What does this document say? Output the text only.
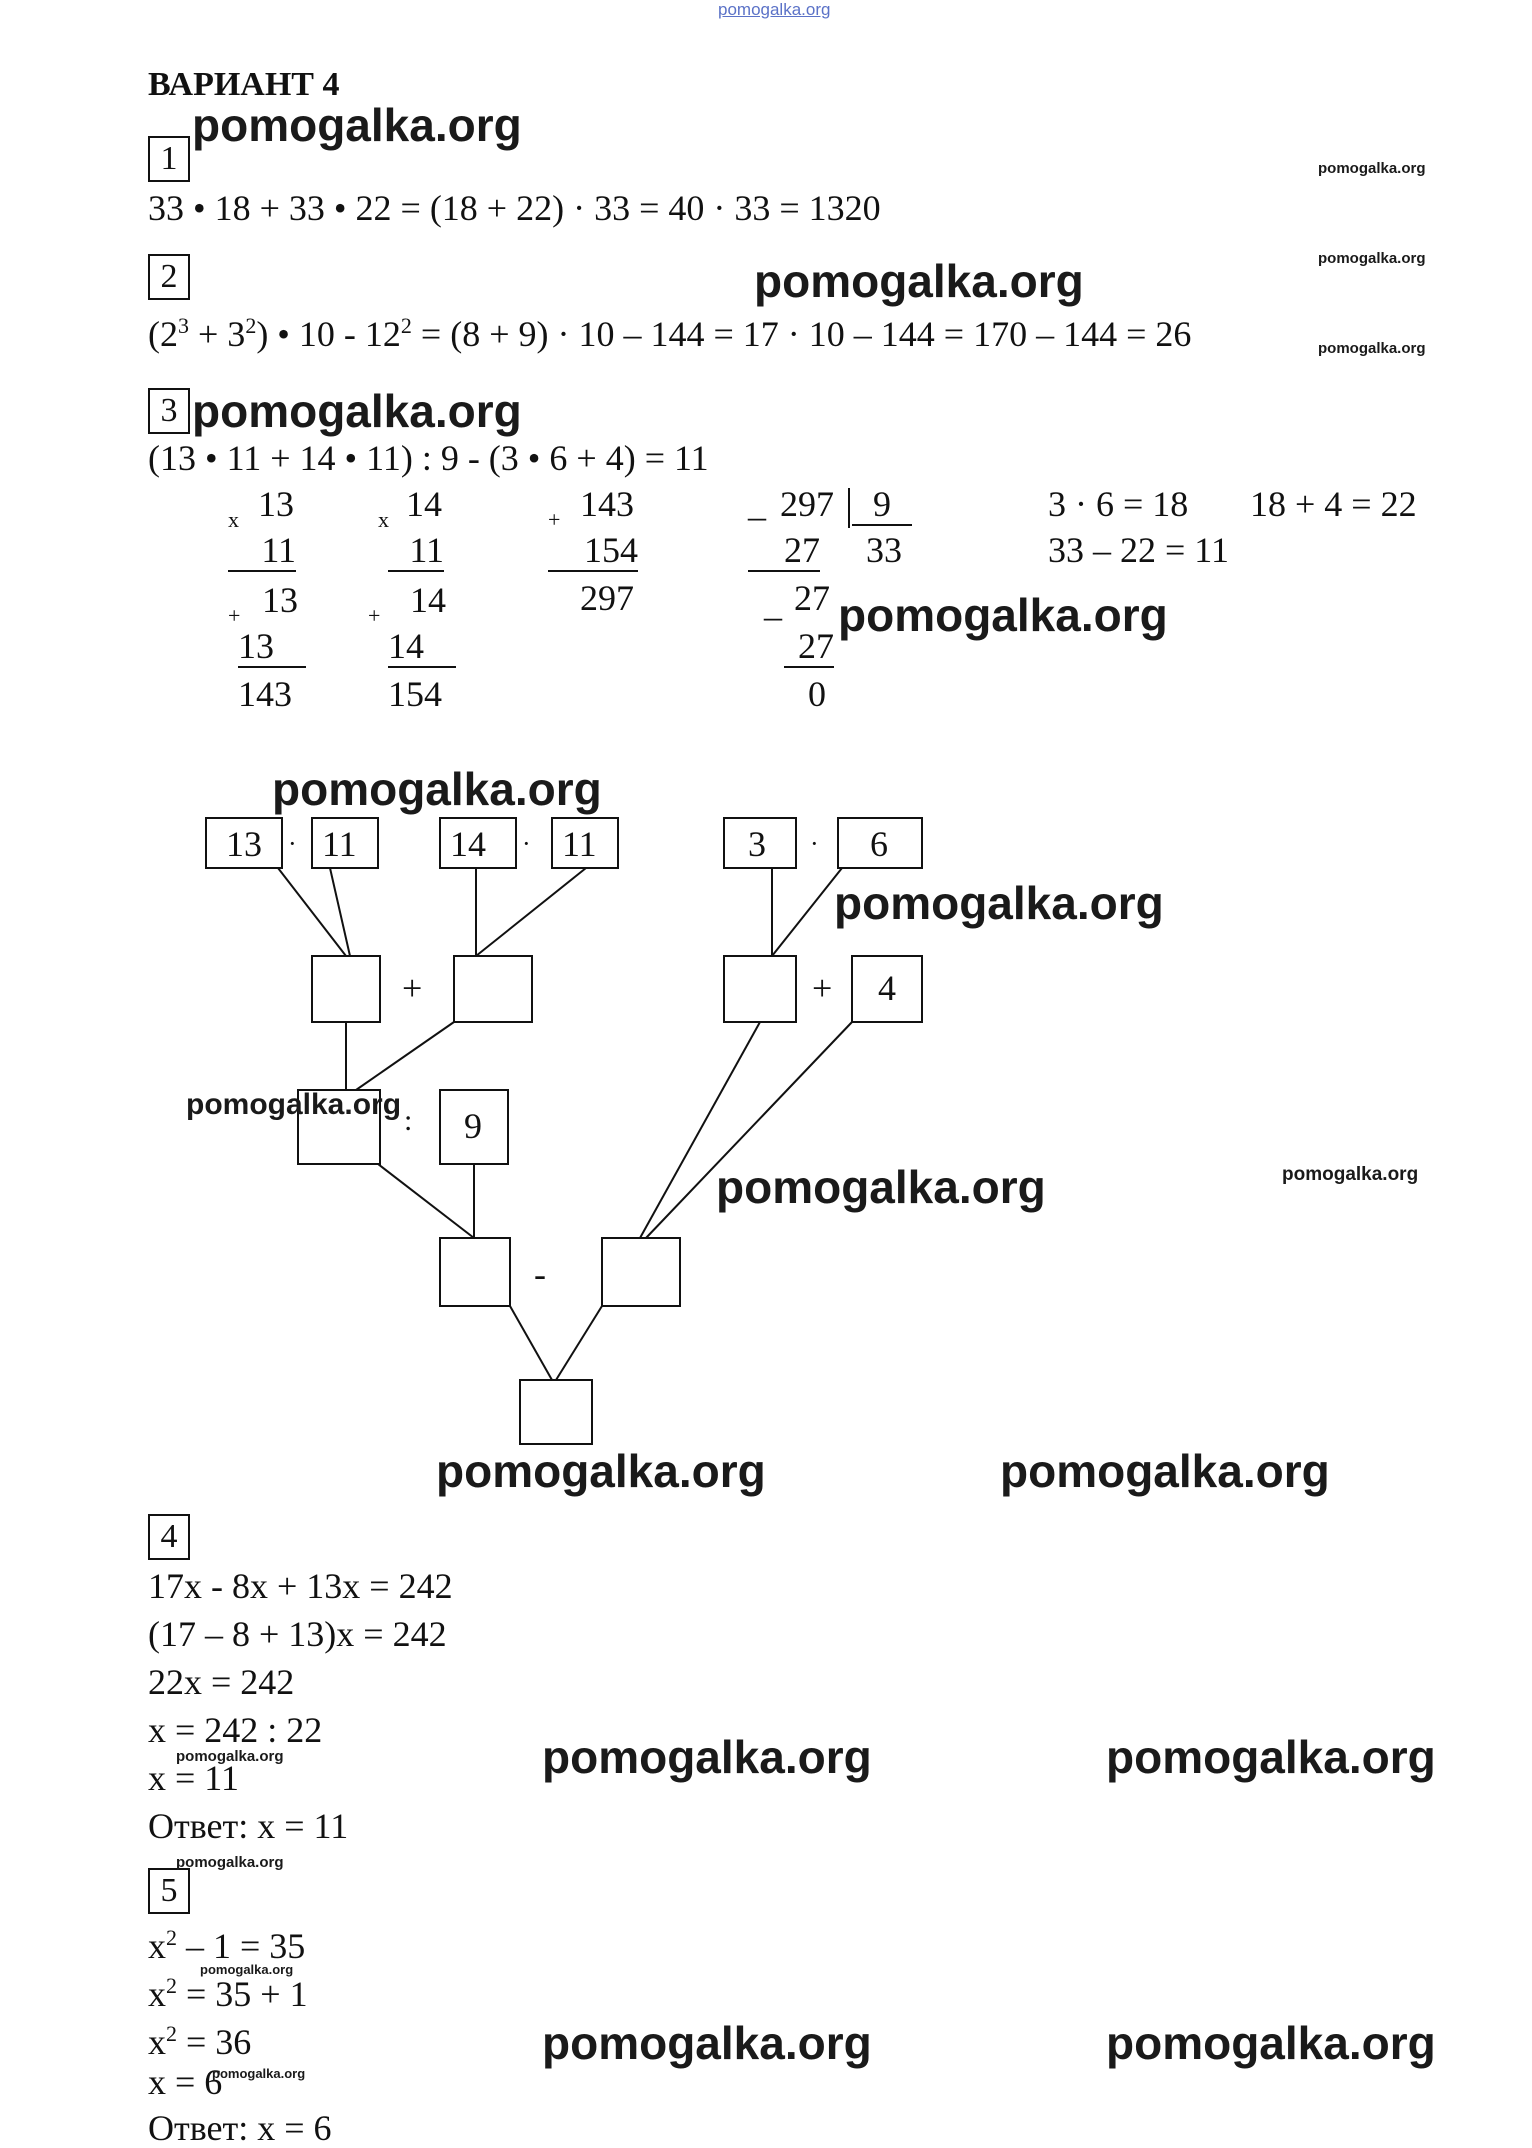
pomogalka.org
ВАРИАНТ 4
1
33 • 18 + 33 • 22 = (18 + 22) · 33 = 40 · 33 = 1320
2
$(2^3 + 3^2)$ • $10 - 12^2 = (8 + 9) \cdot 10 - 144 = 17 \cdot 10 - 144 = 170 - 144 = 26$
3
(13 • 11 + 14 • 11) : 9 - (3 • 6 + 4) = 11
x 13
11
+ 13
13
143
x 14
11
+ 14
14
154
+ 143
154
297
_ 297	9
27 33
_ 27
27
0
3 · 6 = 18 18 + 4 = 22
33 – 22 = 11
13 · 11	14 · 11	3 · 6
+	+ 4
: 9
-
4
17х - 8х + 13х = 242
(17 – 8 + 13)х = 242
22х = 242
х = 242 : 22
х = 11
Ответ: х = 11
5
$х^2 - 1 = 35$
$х^2 = 35 + 1$
$х^2 = 36$
х = 6
Ответ: х = 6
pomogalka.org
pomogalka.org
pomogalka.org
pomogalka.org
pomogalka.org
pomogalka.org
pomogalka.org
pomogalka.org	pomogalka.org
pomogalka.org	pomogalka.org
pomogalka.org	pomogalka.org
pomogalka.org
pomogalka.org
pomogalka.org
pomogalka.org
pomogalka.org
pomogalka.org
pomogalka.org
pomogalka.org
pomogalka.org
